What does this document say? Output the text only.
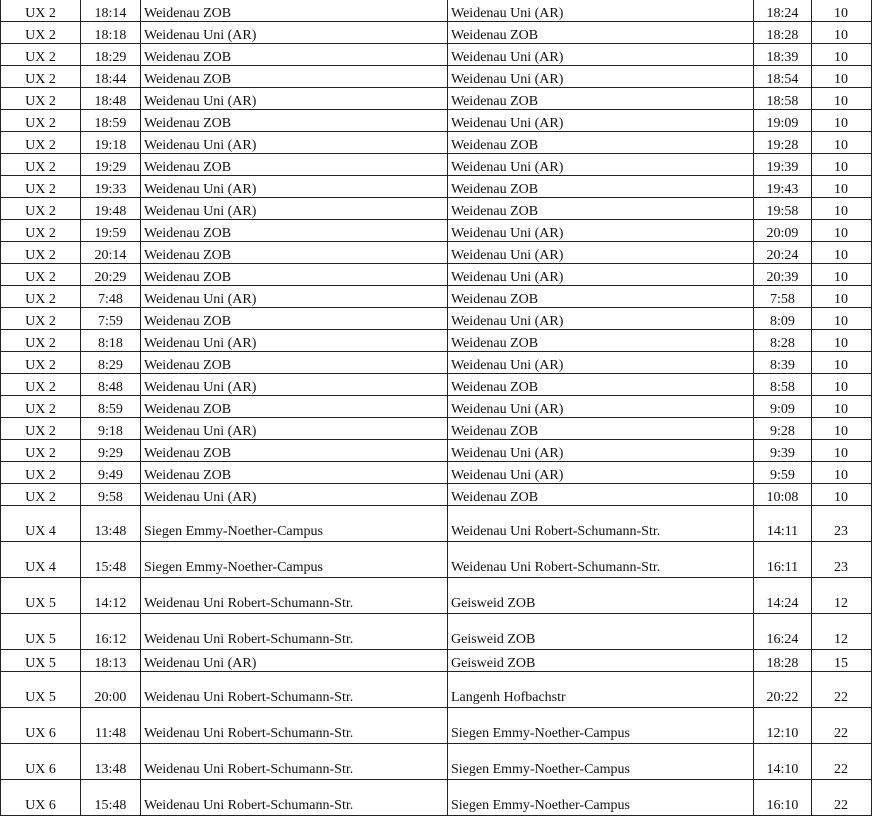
UX 2	18:14	Weidenau ZOB	Weidenau Uni (AR)	18:24	10
UX 2	18:18	Weidenau Uni (AR)	Weidenau ZOB	18:28	10
UX 2	18:29	Weidenau ZOB	Weidenau Uni (AR)	18:39	10
UX 2	18:44	Weidenau ZOB	Weidenau Uni (AR)	18:54	10
UX 2	18:48	Weidenau Uni (AR)	Weidenau ZOB	18:58	10
UX 2	18:59	Weidenau ZOB	Weidenau Uni (AR)	19:09	10
UX 2	19:18	Weidenau Uni (AR)	Weidenau ZOB	19:28	10
UX 2	19:29	Weidenau ZOB	Weidenau Uni (AR)	19:39	10
UX 2	19:33	Weidenau Uni (AR)	Weidenau ZOB	19:43	10
UX 2	19:48	Weidenau Uni (AR)	Weidenau ZOB	19:58	10
UX 2	19:59	Weidenau ZOB	Weidenau Uni (AR)	20:09	10
UX 2	20:14	Weidenau ZOB	Weidenau Uni (AR)	20:24	10
UX 2	20:29	Weidenau ZOB	Weidenau Uni (AR)	20:39	10
UX 2	7:48	Weidenau Uni (AR)	Weidenau ZOB	7:58	10
UX 2	7:59	Weidenau ZOB	Weidenau Uni (AR)	8:09	10
UX 2	8:18	Weidenau Uni (AR)	Weidenau ZOB	8:28	10
UX 2	8:29	Weidenau ZOB	Weidenau Uni (AR)	8:39	10
UX 2	8:48	Weidenau Uni (AR)	Weidenau ZOB	8:58	10
UX 2	8:59	Weidenau ZOB	Weidenau Uni (AR)	9:09	10
UX 2	9:18	Weidenau Uni (AR)	Weidenau ZOB	9:28	10
UX 2	9:29	Weidenau ZOB	Weidenau Uni (AR)	9:39	10
UX 2	9:49	Weidenau ZOB	Weidenau Uni (AR)	9:59	10
UX 2	9:58	Weidenau Uni (AR)	Weidenau ZOB	10:08	10
UX 4	13:48	Siegen Emmy-Noether-Campus	Weidenau Uni Robert-Schumann-Str.	14:11	23
UX 4	15:48	Siegen Emmy-Noether-Campus	Weidenau Uni Robert-Schumann-Str.	16:11	23
UX 5	14:12	Weidenau Uni Robert-Schumann-Str.	Geisweid ZOB	14:24	12
UX 5	16:12	Weidenau Uni Robert-Schumann-Str.	Geisweid ZOB	16:24	12
UX 5	18:13	Weidenau Uni (AR)	Geisweid ZOB	18:28	15
UX 5	20:00	Weidenau Uni Robert-Schumann-Str.	Langenh Hofbachstr	20:22	22
UX 6	11:48	Weidenau Uni Robert-Schumann-Str.	Siegen Emmy-Noether-Campus	12:10	22
UX 6	13:48	Weidenau Uni Robert-Schumann-Str.	Siegen Emmy-Noether-Campus	14:10	22
UX 6	15:48	Weidenau Uni Robert-Schumann-Str.	Siegen Emmy-Noether-Campus	16:10	22
